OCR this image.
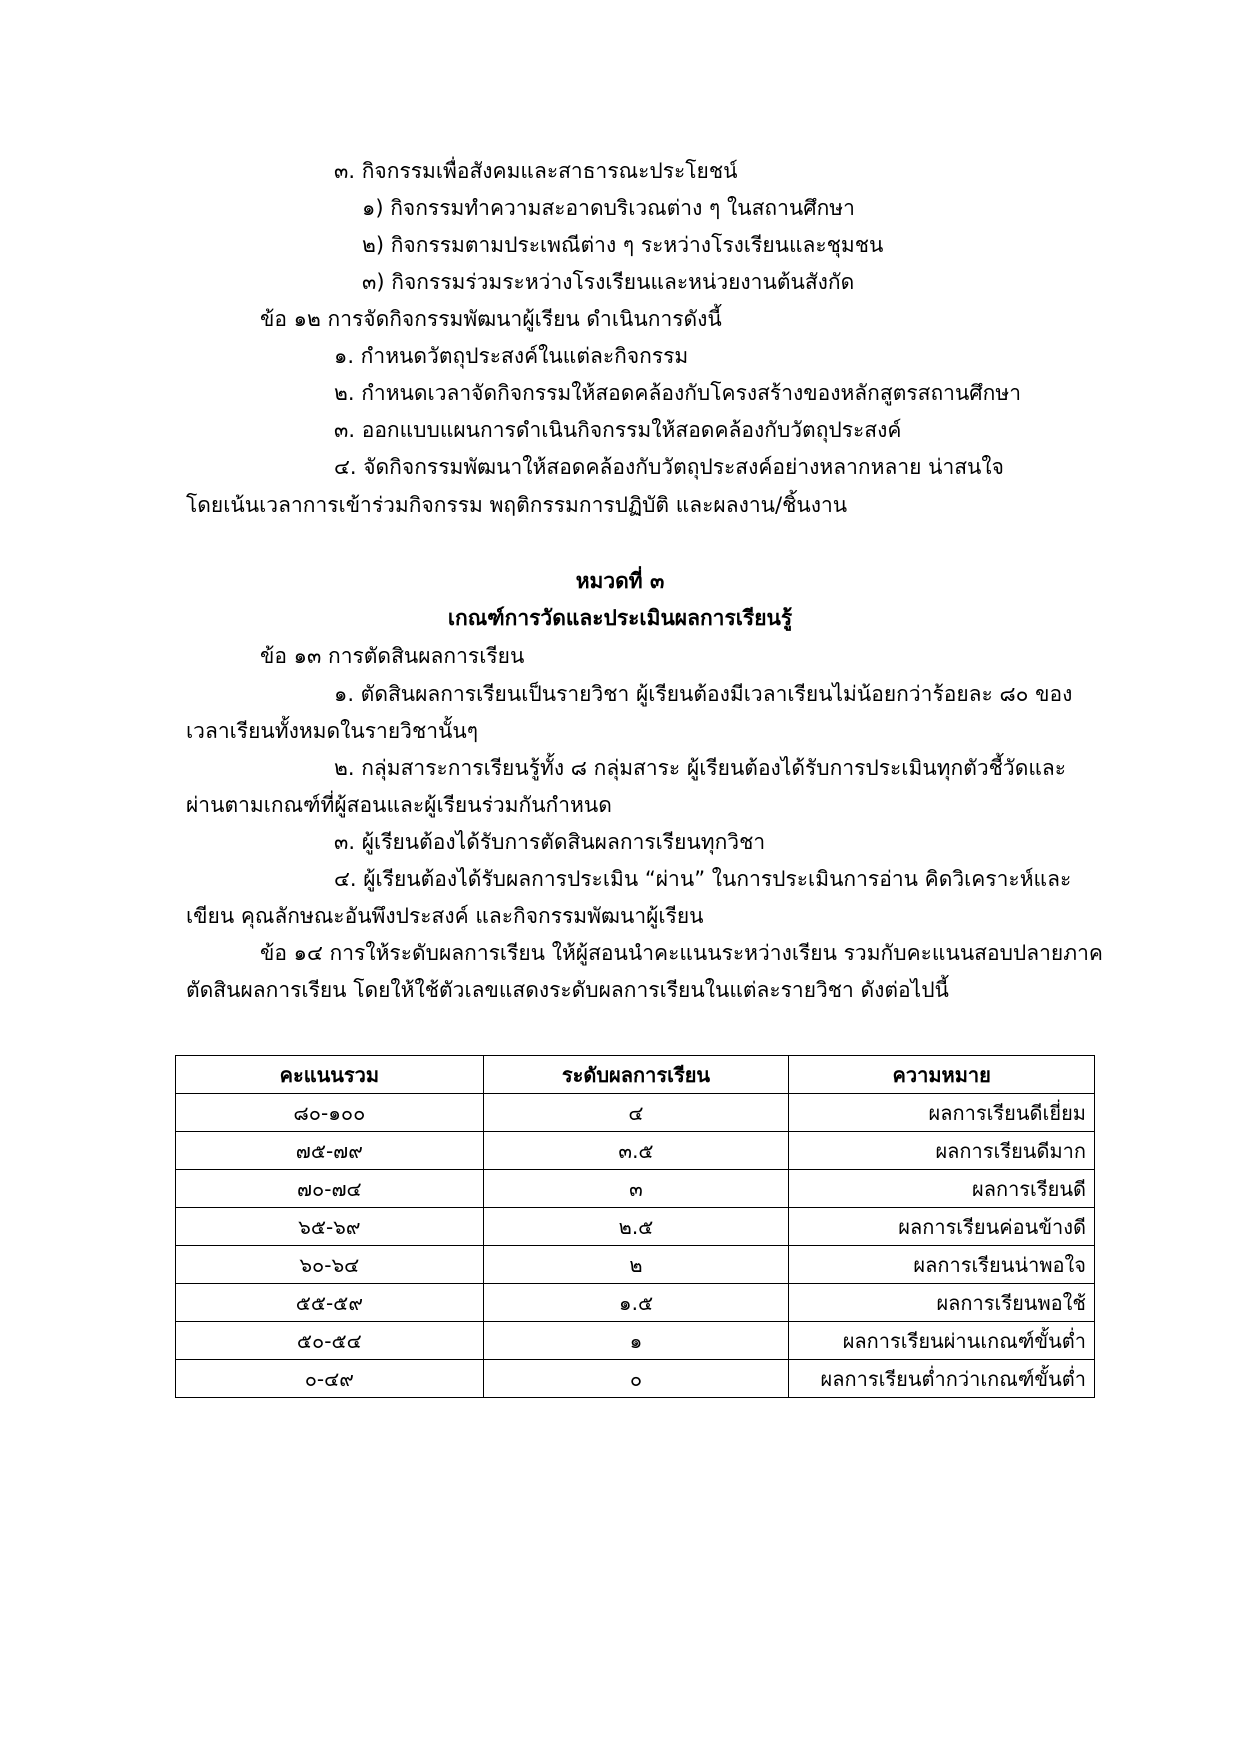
๓. กิจกรรมเพื่อสังคมและสาธารณะประโยชน์
๑) กิจกรรมทำความสะอาดบริเวณต่าง ๆ ในสถานศึกษา
๒) กิจกรรมตามประเพณีต่าง ๆ ระหว่างโรงเรียนและชุมชน
๓) กิจกรรมร่วมระหว่างโรงเรียนและหน่วยงานต้นสังกัด
ข้อ ๑๒ การจัดกิจกรรมพัฒนาผู้เรียน ดำเนินการดังนี้
๑. กำหนดวัตถุประสงค์ในแต่ละกิจกรรม
๒. กำหนดเวลาจัดกิจกรรมให้สอดคล้องกับโครงสร้างของหลักสูตรสถานศึกษา
๓. ออกแบบแผนการดำเนินกิจกรรมให้สอดคล้องกับวัตถุประสงค์
๔. จัดกิจกรรมพัฒนาให้สอดคล้องกับวัตถุประสงค์อย่างหลากหลาย น่าสนใจ
โดยเน้นเวลาการเข้าร่วมกิจกรรม พฤติกรรมการปฏิบัติ และผลงาน/ชิ้นงาน
หมวดที่ ๓
เกณฑ์การวัดและประเมินผลการเรียนรู้
ข้อ ๑๓ การตัดสินผลการเรียน
๑. ตัดสินผลการเรียนเป็นรายวิชา ผู้เรียนต้องมีเวลาเรียนไม่น้อยกว่าร้อยละ ๘๐ ของ
เวลาเรียนทั้งหมดในรายวิชานั้นๆ
๒. กลุ่มสาระการเรียนรู้ทั้ง ๘ กลุ่มสาระ ผู้เรียนต้องได้รับการประเมินทุกตัวชี้วัดและ
ผ่านตามเกณฑ์ที่ผู้สอนและผู้เรียนร่วมกันกำหนด
๓. ผู้เรียนต้องได้รับการตัดสินผลการเรียนทุกวิชา
๔. ผู้เรียนต้องได้รับผลการประเมิน “ผ่าน” ในการประเมินการอ่าน คิดวิเคราะห์และ
เขียน คุณลักษณะอันพึงประสงค์ และกิจกรรมพัฒนาผู้เรียน
ข้อ ๑๔ การให้ระดับผลการเรียน ให้ผู้สอนนำคะแนนระหว่างเรียน รวมกับคะแนนสอบปลายภาค
ตัดสินผลการเรียน โดยให้ใช้ตัวเลขแสดงระดับผลการเรียนในแต่ละรายวิชา ดังต่อไปนี้
คะแนนรวม	ระดับผลการเรียน	ความหมาย
๘๐-๑๐๐	๔	ผลการเรียนดีเยี่ยม
๗๕-๗๙	๓.๕	ผลการเรียนดีมาก
๗๐-๗๔	๓	ผลการเรียนดี
๖๕-๖๙	๒.๕	ผลการเรียนค่อนข้างดี
๖๐-๖๔	๒	ผลการเรียนน่าพอใจ
๕๕-๕๙	๑.๕	ผลการเรียนพอใช้
๕๐-๕๔	๑	ผลการเรียนผ่านเกณฑ์ขั้นต่ำ
๐-๔๙	๐	ผลการเรียนต่ำกว่าเกณฑ์ขั้นต่ำ
